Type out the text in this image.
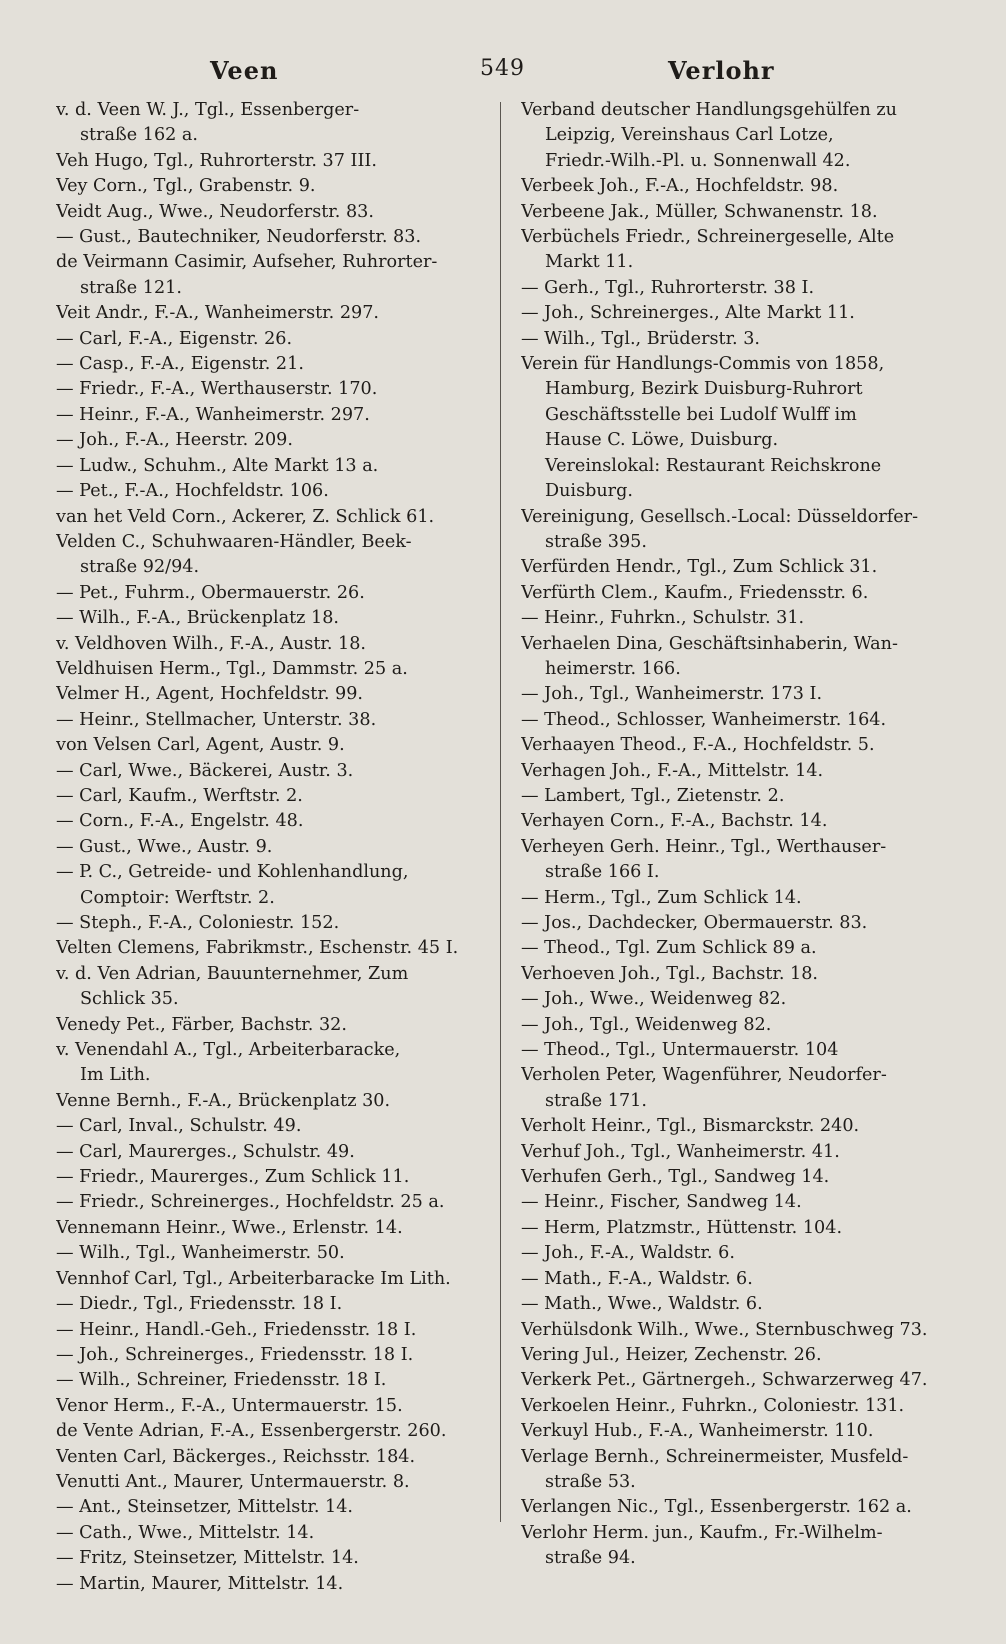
Veen	549	Verlohr
v. d. Veen W. J., Tgl., Essenberger-
straße 162 a.
Veh Hugo, Tgl., Ruhrorterstr. 37 III.
Vey Corn., Tgl., Grabenstr. 9.
Veidt Aug., Wwe., Neudorferstr. 83.
— Gust., Bautechniker, Neudorferstr. 83.
de Veirmann Casimir, Aufseher, Ruhrorter-
straße 121.
Veit Andr., F.-A., Wanheimerstr. 297.
— Carl, F.-A., Eigenstr. 26.
— Casp., F.-A., Eigenstr. 21.
— Friedr., F.-A., Werthauserstr. 170.
— Heinr., F.-A., Wanheimerstr. 297.
— Joh., F.-A., Heerstr. 209.
— Ludw., Schuhm., Alte Markt 13 a.
— Pet., F.-A., Hochfeldstr. 106.
van het Veld Corn., Ackerer, Z. Schlick 61.
Velden C., Schuhwaaren-Händler, Beek-
straße 92/94.
— Pet., Fuhrm., Obermauerstr. 26.
— Wilh., F.-A., Brückenplatz 18.
v. Veldhoven Wilh., F.-A., Austr. 18.
Veldhuisen Herm., Tgl., Dammstr. 25 a.
Velmer H., Agent, Hochfeldstr. 99.
— Heinr., Stellmacher, Unterstr. 38.
von Velsen Carl, Agent, Austr. 9.
— Carl, Wwe., Bäckerei, Austr. 3.
— Carl, Kaufm., Werftstr. 2.
— Corn., F.-A., Engelstr. 48.
— Gust., Wwe., Austr. 9.
— P. C., Getreide- und Kohlenhandlung,
Comptoir: Werftstr. 2.
— Steph., F.-A., Coloniestr. 152.
Velten Clemens, Fabrikmstr., Eschenstr. 45 I.
v. d. Ven Adrian, Bauunternehmer, Zum
Schlick 35.
Venedy Pet., Färber, Bachstr. 32.
v. Venendahl A., Tgl., Arbeiterbaracke,
Im Lith.
Venne Bernh., F.-A., Brückenplatz 30.
— Carl, Inval., Schulstr. 49.
— Carl, Maurerges., Schulstr. 49.
— Friedr., Maurerges., Zum Schlick 11.
— Friedr., Schreinerges., Hochfeldstr. 25 a.
Vennemann Heinr., Wwe., Erlenstr. 14.
— Wilh., Tgl., Wanheimerstr. 50.
Vennhof Carl, Tgl., Arbeiterbaracke Im Lith.
— Diedr., Tgl., Friedensstr. 18 I.
— Heinr., Handl.-Geh., Friedensstr. 18 I.
— Joh., Schreinerges., Friedensstr. 18 I.
— Wilh., Schreiner, Friedensstr. 18 I.
Venor Herm., F.-A., Untermauerstr. 15.
de Vente Adrian, F.-A., Essenbergerstr. 260.
Venten Carl, Bäckerges., Reichsstr. 184.
Venutti Ant., Maurer, Untermauerstr. 8.
— Ant., Steinsetzer, Mittelstr. 14.
— Cath., Wwe., Mittelstr. 14.
— Fritz, Steinsetzer, Mittelstr. 14.
— Martin, Maurer, Mittelstr. 14.
Verband deutscher Handlungsgehülfen zu
Leipzig, Vereinshaus Carl Lotze,
Friedr.-Wilh.-Pl. u. Sonnenwall 42.
Verbeek Joh., F.-A., Hochfeldstr. 98.
Verbeene Jak., Müller, Schwanenstr. 18.
Verbüchels Friedr., Schreinergeselle, Alte
Markt 11.
— Gerh., Tgl., Ruhrorterstr. 38 I.
— Joh., Schreinerges., Alte Markt 11.
— Wilh., Tgl., Brüderstr. 3.
Verein für Handlungs-Commis von 1858,
Hamburg, Bezirk Duisburg-Ruhrort
Geschäftsstelle bei Ludolf Wulff im
Hause C. Löwe, Duisburg.
Vereinslokal: Restaurant Reichskrone
Duisburg.
Vereinigung, Gesellsch.-Local: Düsseldorfer-
straße 395.
Verfürden Hendr., Tgl., Zum Schlick 31.
Verfürth Clem., Kaufm., Friedensstr. 6.
— Heinr., Fuhrkn., Schulstr. 31.
Verhaelen Dina, Geschäftsinhaberin, Wan-
heimerstr. 166.
— Joh., Tgl., Wanheimerstr. 173 I.
— Theod., Schlosser, Wanheimerstr. 164.
Verhaayen Theod., F.-A., Hochfeldstr. 5.
Verhagen Joh., F.-A., Mittelstr. 14.
— Lambert, Tgl., Zietenstr. 2.
Verhayen Corn., F.-A., Bachstr. 14.
Verheyen Gerh. Heinr., Tgl., Werthauser-
straße 166 I.
— Herm., Tgl., Zum Schlick 14.
— Jos., Dachdecker, Obermauerstr. 83.
— Theod., Tgl. Zum Schlick 89 a.
Verhoeven Joh., Tgl., Bachstr. 18.
— Joh., Wwe., Weidenweg 82.
— Joh., Tgl., Weidenweg 82.
— Theod., Tgl., Untermauerstr. 104
Verholen Peter, Wagenführer, Neudorfer-
straße 171.
Verholt Heinr., Tgl., Bismarckstr. 240.
Verhuf Joh., Tgl., Wanheimerstr. 41.
Verhufen Gerh., Tgl., Sandweg 14.
— Heinr., Fischer, Sandweg 14.
— Herm, Platzmstr., Hüttenstr. 104.
— Joh., F.-A., Waldstr. 6.
— Math., F.-A., Waldstr. 6.
— Math., Wwe., Waldstr. 6.
Verhülsdonk Wilh., Wwe., Sternbuschweg 73.
Vering Jul., Heizer, Zechenstr. 26.
Verkerk Pet., Gärtnergeh., Schwarzerweg 47.
Verkoelen Heinr., Fuhrkn., Coloniestr. 131.
Verkuyl Hub., F.-A., Wanheimerstr. 110.
Verlage Bernh., Schreinermeister, Musfeld-
straße 53.
Verlangen Nic., Tgl., Essenbergerstr. 162 a.
Verlohr Herm. jun., Kaufm., Fr.-Wilhelm-
straße 94.
